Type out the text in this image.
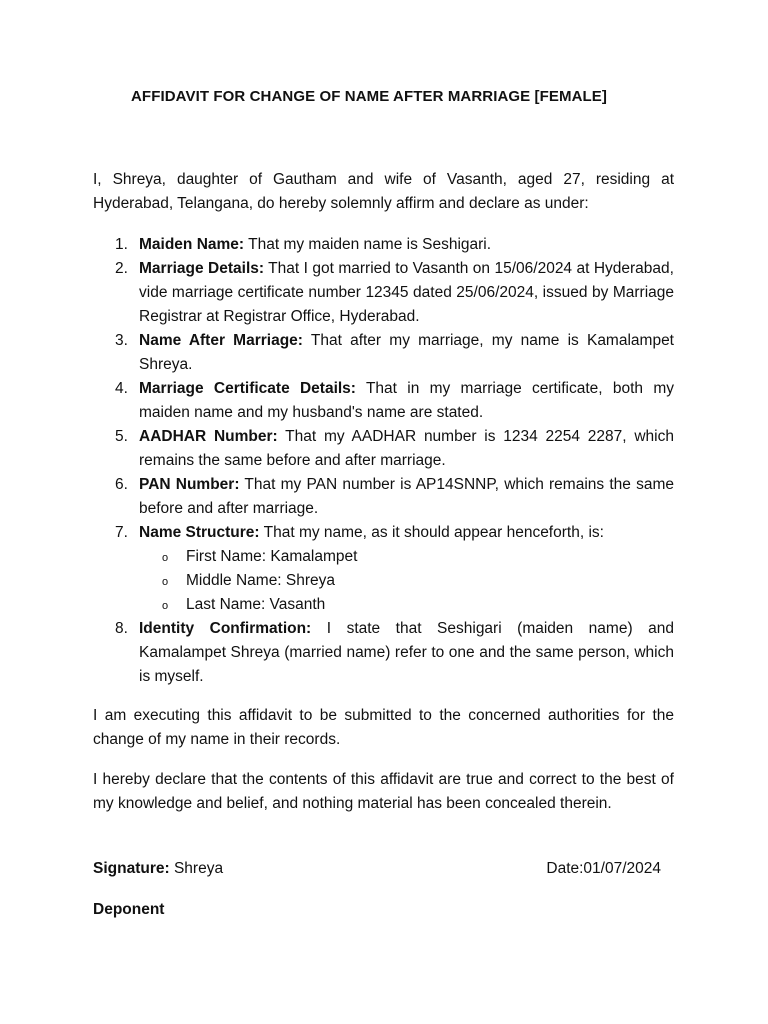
AFFIDAVIT FOR CHANGE OF NAME AFTER MARRIAGE [FEMALE]
I, Shreya, daughter of Gautham and wife of Vasanth, aged 27, residing at Hyderabad, Telangana, do hereby solemnly affirm and declare as under:
1. Maiden Name: That my maiden name is Seshigari.
2. Marriage Details: That I got married to Vasanth on 15/06/2024 at Hyderabad, vide marriage certificate number 12345 dated 25/06/2024, issued by Marriage Registrar at Registrar Office, Hyderabad.
3. Name After Marriage: That after my marriage, my name is Kamalampet Shreya.
4. Marriage Certificate Details: That in my marriage certificate, both my maiden name and my husband's name are stated.
5. AADHAR Number: That my AADHAR number is 1234 2254 2287, which remains the same before and after marriage.
6. PAN Number: That my PAN number is AP14SNNP, which remains the same before and after marriage.
7. Name Structure: That my name, as it should appear henceforth, is:
o First Name: Kamalampet
o Middle Name: Shreya
o Last Name: Vasanth
8. Identity Confirmation: I state that Seshigari (maiden name) and Kamalampet Shreya (married name) refer to one and the same person, which is myself.
I am executing this affidavit to be submitted to the concerned authorities for the change of my name in their records.
I hereby declare that the contents of this affidavit are true and correct to the best of my knowledge and belief, and nothing material has been concealed therein.
Signature: Shreya	Date:01/07/2024
Deponent
